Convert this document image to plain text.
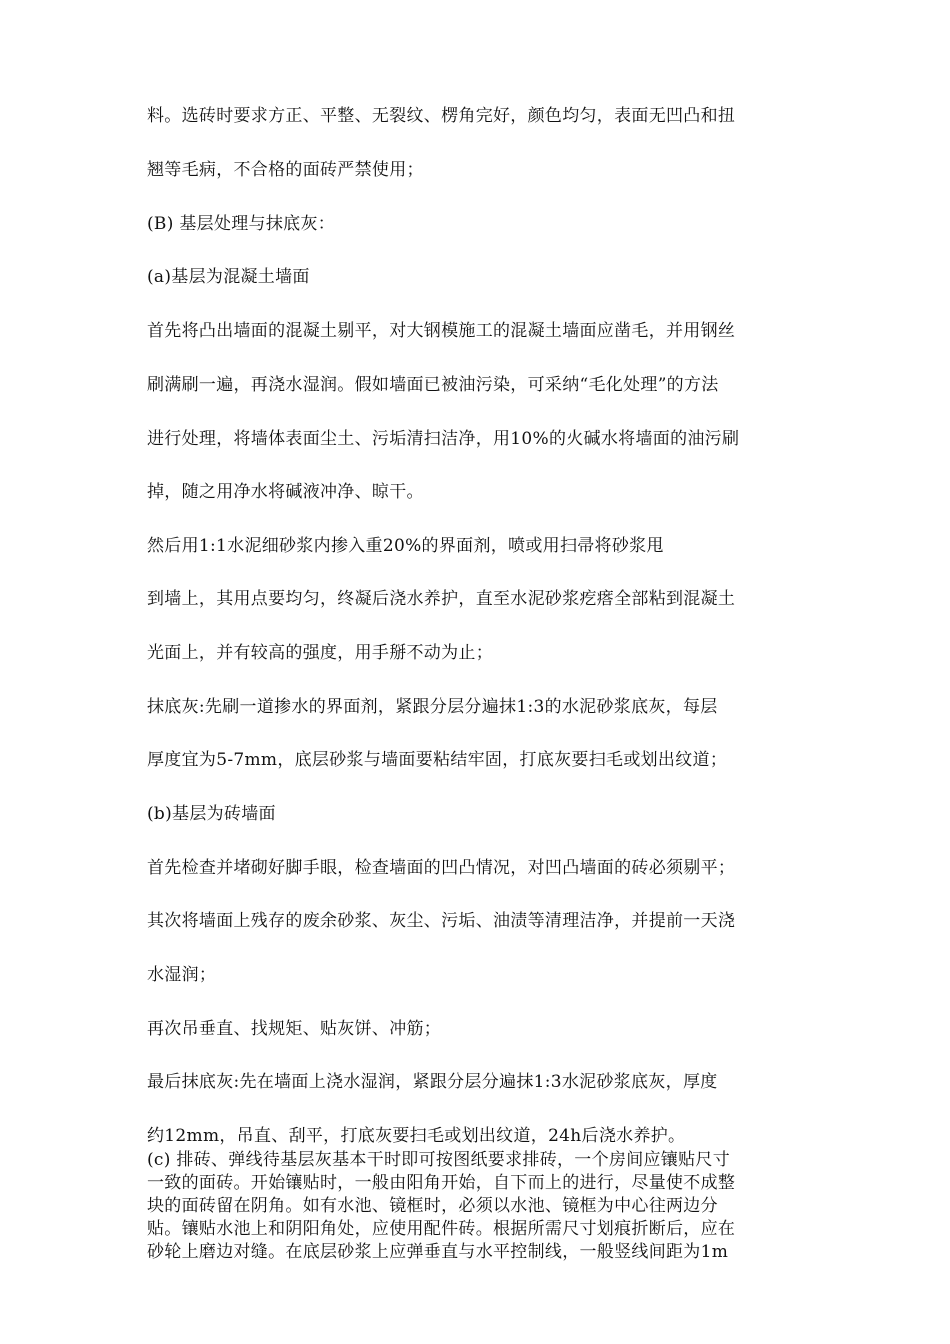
料。选砖时要求方正、平整、无裂纹、楞角完好，颜色均匀，表面无凹凸和扭
翘等毛病，不合格的面砖严禁使用；
(B) 基层处理与抹底灰：
(a)基层为混凝土墙面
首先将凸出墙面的混凝土剔平，对大钢模施工的混凝土墙面应凿毛，并用钢丝
刷满刷一遍，再浇水湿润。假如墙面已被油污染，可采纳“毛化处理”的方法
进行处理，将墙体表面尘土、污垢清扫洁净，用10%的火碱水将墙面的油污刷
掉，随之用净水将碱液冲净、晾干。
然后用1:1水泥细砂浆内掺入重20%的界面剂，喷或用扫帚将砂浆甩
到墙上，其用点要均匀，终凝后浇水养护，直至水泥砂浆疙瘩全部粘到混凝土
光面上，并有较高的强度，用手掰不动为止；
抹底灰:先刷一道掺水的界面剂，紧跟分层分遍抹1:3的水泥砂浆底灰，每层
厚度宜为5-7mm，底层砂浆与墙面要粘结牢固，打底灰要扫毛或划出纹道；
(b)基层为砖墙面
首先检查并堵砌好脚手眼，检查墙面的凹凸情况，对凹凸墙面的砖必须剔平；
其次将墙面上残存的废余砂浆、灰尘、污垢、油渍等清理洁净，并提前一天浇
水湿润；
再次吊垂直、找规矩、贴灰饼、冲筋；
最后抹底灰:先在墙面上浇水湿润，紧跟分层分遍抹1:3水泥砂浆底灰，厚度
约12mm，吊直、刮平，打底灰要扫毛或划出纹道，24h后浇水养护。
(c) 排砖、弹线待基层灰基本干时即可按图纸要求排砖，一个房间应镶贴尺寸
一致的面砖。开始镶贴时，一般由阳角开始，自下而上的进行，尽量使不成整
块的面砖留在阴角。如有水池、镜框时，必须以水池、镜框为中心往两边分
贴。镶贴水池上和阴阳角处，应使用配件砖。根据所需尺寸划痕折断后，应在
砂轮上磨边对缝。在底层砂浆上应弹垂直与水平控制线，一般竖线间距为1m
